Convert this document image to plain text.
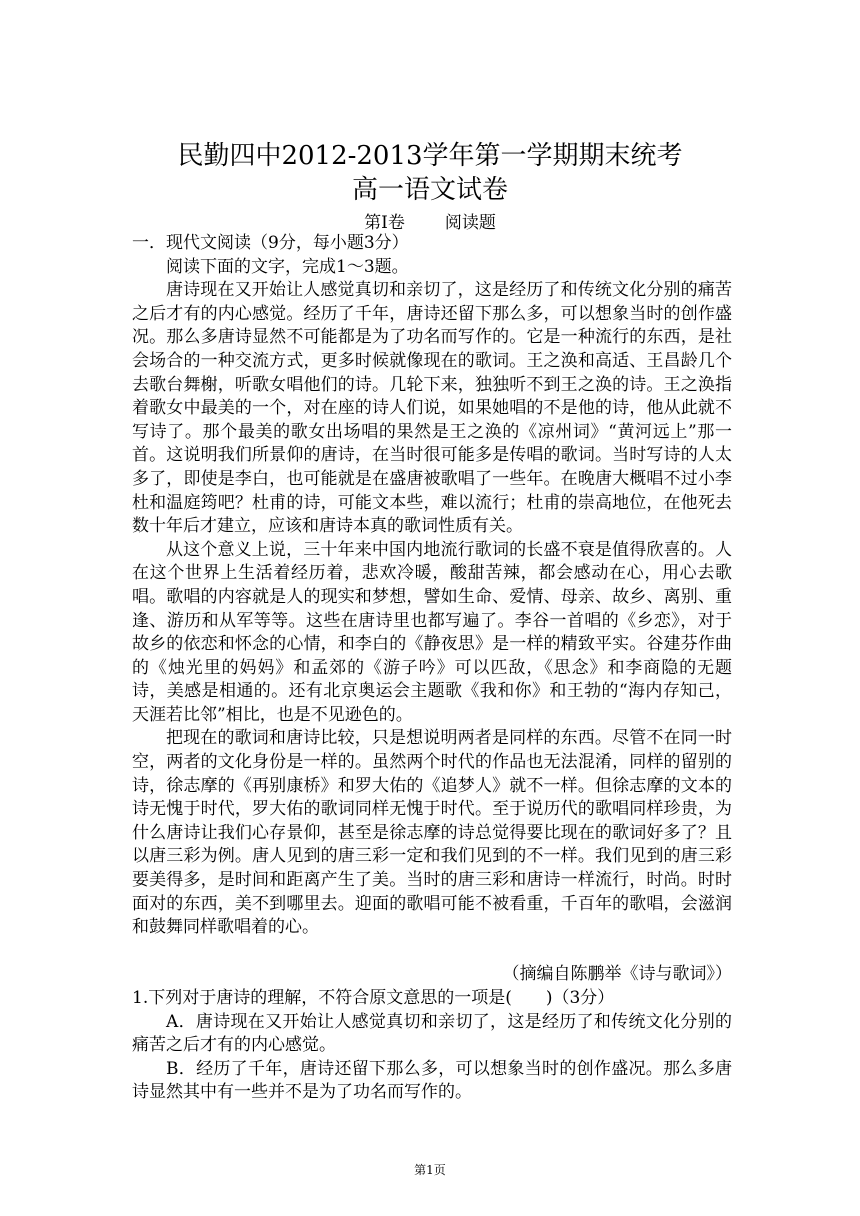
民勤四中2012-2013学年第一学期期末统考
高一语文试卷
第Ⅰ卷 阅读题

一．现代文阅读（9分，每小题3分）

阅读下面的文字，完成1～3题。

唐诗现在又开始让人感觉真切和亲切了，这是经历了和传统文化分别的痛苦之后才有的内心感觉。经历了千年，唐诗还留下那么多，可以想象当时的创作盛况。那么多唐诗显然不可能都是为了功名而写作的。它是一种流行的东西，是社会场合的一种交流方式，更多时候就像现在的歌词。王之涣和高适、王昌龄几个去歌台舞榭，听歌女唱他们的诗。几轮下来，独独听不到王之涣的诗。王之涣指着歌女中最美的一个，对在座的诗人们说，如果她唱的不是他的诗，他从此就不写诗了。那个最美的歌女出场唱的果然是王之涣的《凉州词》“黄河远上”那一首。这说明我们所景仰的唐诗，在当时很可能多是传唱的歌词。当时写诗的人太多了，即使是李白，也可能就是在盛唐被歌唱了一些年。在晚唐大概唱不过小李杜和温庭筠吧？杜甫的诗，可能文本些，难以流行；杜甫的崇高地位，在他死去数十年后才建立，应该和唐诗本真的歌词性质有关。

从这个意义上说，三十年来中国内地流行歌词的长盛不衰是值得欣喜的。人在这个世界上生活着经历着，悲欢冷暖，酸甜苦辣，都会感动在心，用心去歌唱。歌唱的内容就是人的现实和梦想，譬如生命、爱情、母亲、故乡、离别、重逢、游历和从军等等。这些在唐诗里也都写遍了。李谷一首唱的《乡恋》，对于故乡的依恋和怀念的心情，和李白的《静夜思》是一样的精致平实。谷建芬作曲的《烛光里的妈妈》和孟郊的《游子吟》可以匹敌，《思念》和李商隐的无题诗，美感是相通的。还有北京奥运会主题歌《我和你》和王勃的“海内存知己，天涯若比邻”相比，也是不见逊色的。

把现在的歌词和唐诗比较，只是想说明两者是同样的东西。尽管不在同一时空，两者的文化身份是一样的。虽然两个时代的作品也无法混淆，同样的留别的诗，徐志摩的《再别康桥》和罗大佑的《追梦人》就不一样。但徐志摩的文本的诗无愧于时代，罗大佑的歌词同样无愧于时代。至于说历代的歌唱同样珍贵，为什么唐诗让我们心存景仰，甚至是徐志摩的诗总觉得要比现在的歌词好多了？且以唐三彩为例。唐人见到的唐三彩一定和我们见到的不一样。我们见到的唐三彩要美得多，是时间和距离产生了美。当时的唐三彩和唐诗一样流行，时尚。时时面对的东西，美不到哪里去。迎面的歌唱可能不被看重，千百年的歌唱，会滋润和鼓舞同样歌唱着的心。

（摘编自陈鹏举《诗与歌词》）

1.下列对于唐诗的理解，不符合原文意思的一项是(　　)（3分）

A．唐诗现在又开始让人感觉真切和亲切了，这是经历了和传统文化分别的痛苦之后才有的内心感觉。

B．经历了千年，唐诗还留下那么多，可以想象当时的创作盛况。那么多唐诗显然其中有一些并不是为了功名而写作的。

第1页
